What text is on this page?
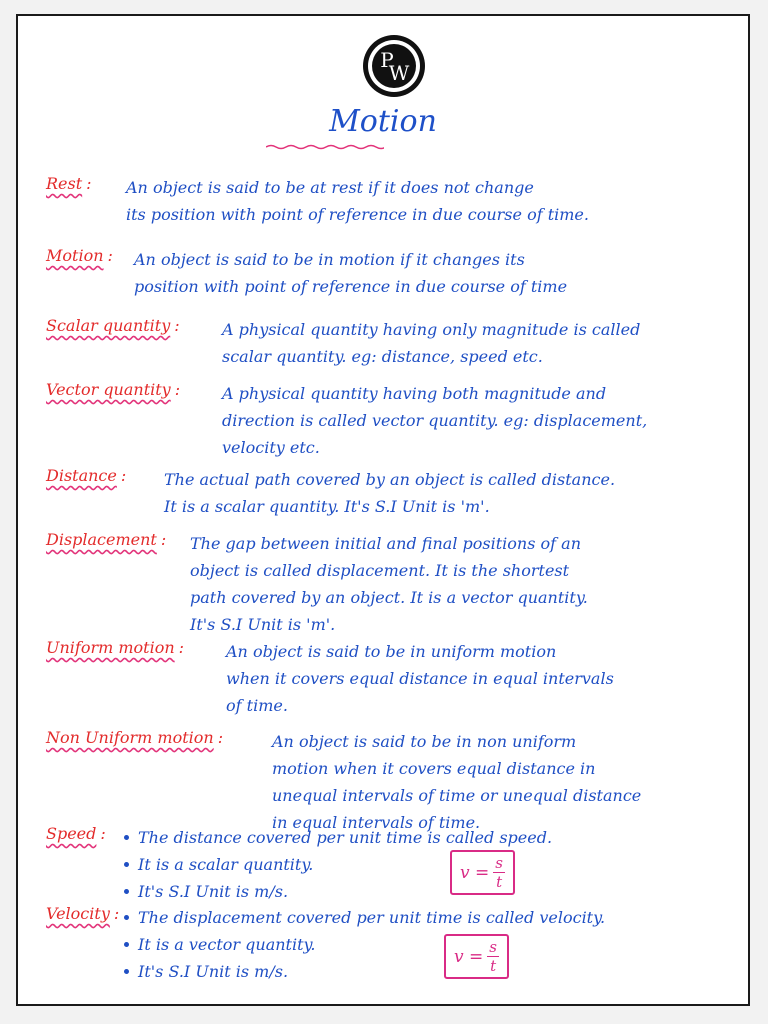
P
W
Motion
Rest : An object is said to be at rest if it does not change
its position with point of reference in due course of time.
Motion : An object is said to be in motion if it changes its
position with point of reference in due course of time
Scalar quantity :	A physical quantity having only magnitude is called
scalar quantity. eg: distance, speed etc.
Vector quantity :	A physical quantity having both magnitude and
direction is called vector quantity. eg: displacement,
velocity etc.
Distance : The actual path covered by an object is called distance.
It is a scalar quantity. It's S.I Unit is 'm'.
Displacement : The gap between initial and final positions of an
object is called displacement. It is the shortest
path covered by an object. It is a vector quantity.
It's S.I Unit is 'm'.
Uniform motion :	An object is said to be in uniform motion
when it covers equal distance in equal intervals
of time.
Non Uniform motion :	An object is said to be in non uniform
motion when it covers equal distance in
unequal intervals of time or unequal distance
in equal intervals of time.
Speed :	The distance covered per unit time is called speed.
It is a scalar quantity.
It's S.I Unit is m/s.
$v = \frac{s}{t}$
Velocity :	The displacement covered per unit time is called velocity.
It is a vector quantity.
It's S.I Unit is m/s.
$v = \frac{s}{t}$
